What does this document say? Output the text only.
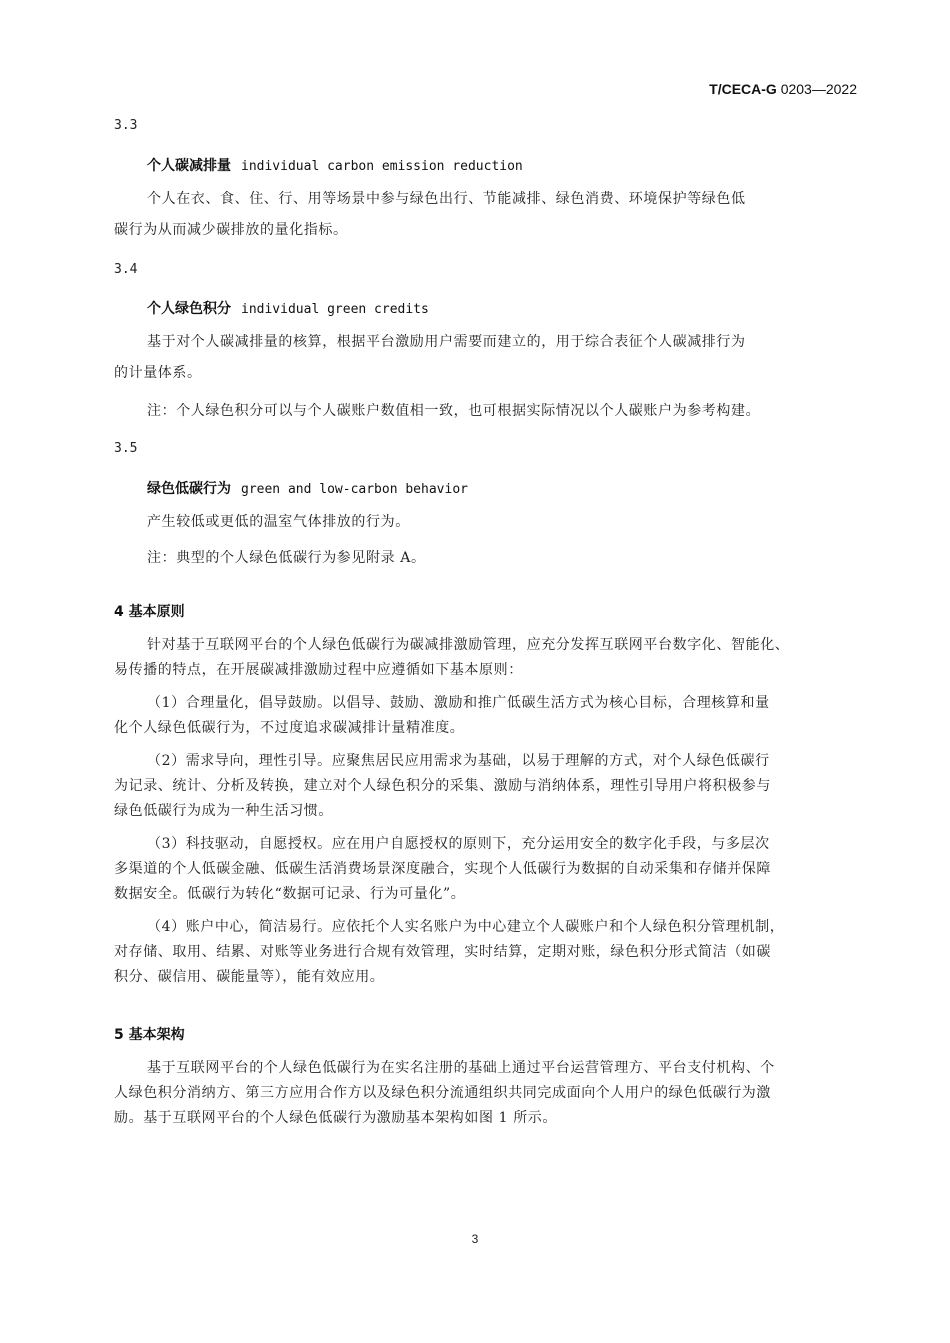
T/CECA-G 0203—2022
3.3
个人碳减排量 individual carbon emission reduction
个人在衣、食、住、行、用等场景中参与绿色出行、节能减排、绿色消费、环境保护等绿色低
碳行为从而减少碳排放的量化指标。
3.4
个人绿色积分 individual green credits
基于对个人碳减排量的核算，根据平台激励用户需要而建立的，用于综合表征个人碳减排行为
的计量体系。
注：个人绿色积分可以与个人碳账户数值相一致，也可根据实际情况以个人碳账户为参考构建。
3.5
绿色低碳行为 green and low-carbon behavior
产生较低或更低的温室气体排放的行为。
注：典型的个人绿色低碳行为参见附录 A。
4 基本原则
针对基于互联网平台的个人绿色低碳行为碳减排激励管理，应充分发挥互联网平台数字化、智能化、
易传播的特点，在开展碳减排激励过程中应遵循如下基本原则：
（1）合理量化，倡导鼓励。以倡导、鼓励、激励和推广低碳生活方式为核心目标，合理核算和量
化个人绿色低碳行为，不过度追求碳减排计量精准度。
（2）需求导向，理性引导。应聚焦居民应用需求为基础，以易于理解的方式，对个人绿色低碳行
为记录、统计、分析及转换，建立对个人绿色积分的采集、激励与消纳体系，理性引导用户将积极参与
绿色低碳行为成为一种生活习惯。
（3）科技驱动，自愿授权。应在用户自愿授权的原则下，充分运用安全的数字化手段，与多层次
多渠道的个人低碳金融、低碳生活消费场景深度融合，实现个人低碳行为数据的自动采集和存储并保障
数据安全。低碳行为转化“数据可记录、行为可量化”。
（4）账户中心，简洁易行。应依托个人实名账户为中心建立个人碳账户和个人绿色积分管理机制，
对存储、取用、结累、对账等业务进行合规有效管理，实时结算，定期对账，绿色积分形式简洁（如碳
积分、碳信用、碳能量等），能有效应用。
5 基本架构
基于互联网平台的个人绿色低碳行为在实名注册的基础上通过平台运营管理方、平台支付机构、个
人绿色积分消纳方、第三方应用合作方以及绿色积分流通组织共同完成面向个人用户的绿色低碳行为激
励。基于互联网平台的个人绿色低碳行为激励基本架构如图 1 所示。
3
